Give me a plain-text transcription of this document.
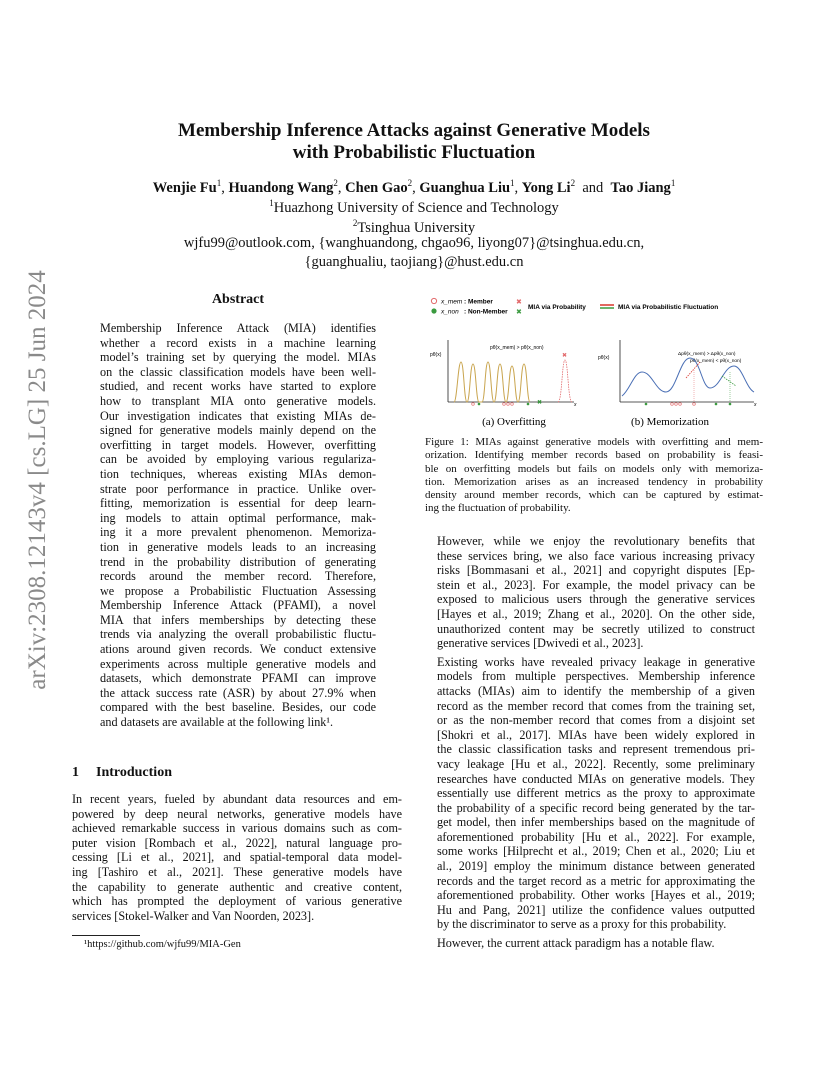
arXiv:2308.12143v4 [cs.LG] 25 Jun 2024
Membership Inference Attacks against Generative Models
with Probabilistic Fluctuation
Wenjie Fu$^1$, Huandong Wang$^2$, Chen Gao$^2$, Guanghua Liu$^1$, Yong Li$^2$ and Tao Jiang$^1$
$^1$Huazhong University of Science and Technology
$^2$Tsinghua University
wjfu99@outlook.com, {wanghuandong, chgao96, liyong07}@tsinghua.edu.cn,
{guanghualiu, taojiang}@hust.edu.cn
Abstract
Membership Inference Attack (MIA) identifies
whether a record exists in a machine learning
model’s training set by querying the model. MIAs
on the classic classification models have been well-
studied, and recent works have started to explore
how to transplant MIA onto generative models.
Our investigation indicates that existing MIAs de-
signed for generative models mainly depend on the
overfitting in target models. However, overfitting
can be avoided by employing various regulariza-
tion techniques, whereas existing MIAs demon-
strate poor performance in practice. Unlike over-
fitting, memorization is essential for deep learn-
ing models to attain optimal performance, mak-
ing it a more prevalent phenomenon. Memoriza-
tion in generative models leads to an increasing
trend in the probability distribution of generating
records around the member record. Therefore,
we propose a Probabilistic Fluctuation Assessing
Membership Inference Attack (PFAMI), a novel
MIA that infers memberships by detecting these
trends via analyzing the overall probabilistic fluctu-
ations around given records. We conduct extensive
experiments across multiple generative models and
datasets, which demonstrate PFAMI can improve
the attack success rate (ASR) by about 27.9% when
compared with the best baseline. Besides, our code
and datasets are available at the following link¹.
1 Introduction
In recent years, fueled by abundant data resources and em-
powered by deep neural networks, generative models have
achieved remarkable success in various domains such as com-
puter vision [Rombach et al., 2022], natural language pro-
cessing [Li et al., 2021], and spatial-temporal data model-
ing [Tashiro et al., 2021]. These generative models have
the capability to generate authentic and creative content,
which has prompted the deployment of various generative
services [Stokel-Walker and Van Noorden, 2023].
¹https://github.com/wjfu99/MIA-Gen
x_mem : Member
x_non : Non-Member
✖
✖
MIA via Probability	MIA via Probabilistic Fluctuation
pθ(x)
x
pθ(x_mem) > pθ(x_non)
✖
✖
pθ(x)
x
Δpθ(x_mem) > Δpθ(x_non)
pθ(x_mem) < pθ(x_non)
(a) Overfitting	(b) Memorization
Figure 1: MIAs against generative models with overfitting and mem-
orization. Identifying member records based on probability is feasi-
ble on overfitting models but fails on models only with memoriza-
tion. Memorization arises as an increased tendency in probability
density around member records, which can be captured by estimat-
ing the fluctuation of probability.

However, while we enjoy the revolutionary benefits that
these services bring, we also face various increasing privacy
risks [Bommasani et al., 2021] and copyright disputes [Ep-
stein et al., 2023]. For example, the model privacy can be
exposed to malicious users through the generative services
[Hayes et al., 2019; Zhang et al., 2020]. On the other side,
unauthorized content may be secretly utilized to construct
generative services [Dwivedi et al., 2023].

Existing works have revealed privacy leakage in generative
models from multiple perspectives. Membership inference
attacks (MIAs) aim to identify the membership of a given
record as the member record that comes from the training set,
or as the non-member record that comes from a disjoint set
[Shokri et al., 2017]. MIAs have been widely explored in
the classic classification tasks and represent tremendous pri-
vacy leakage [Hu et al., 2022]. Recently, some preliminary
researches have conducted MIAs on generative models. They
essentially use different metrics as the proxy to approximate
the probability of a specific record being generated by the tar-
get model, then infer memberships based on the magnitude of
aforementioned probability [Hu et al., 2022]. For example,
some works [Hilprecht et al., 2019; Chen et al., 2020; Liu et
al., 2019] employ the minimum distance between generated
records and the target record as a metric for approximating the
aforementioned probability. Other works [Hayes et al., 2019;
Hu and Pang, 2021] utilize the confidence values outputted
by the discriminator to serve as a proxy for this probability.

However, the current attack paradigm has a notable flaw.
